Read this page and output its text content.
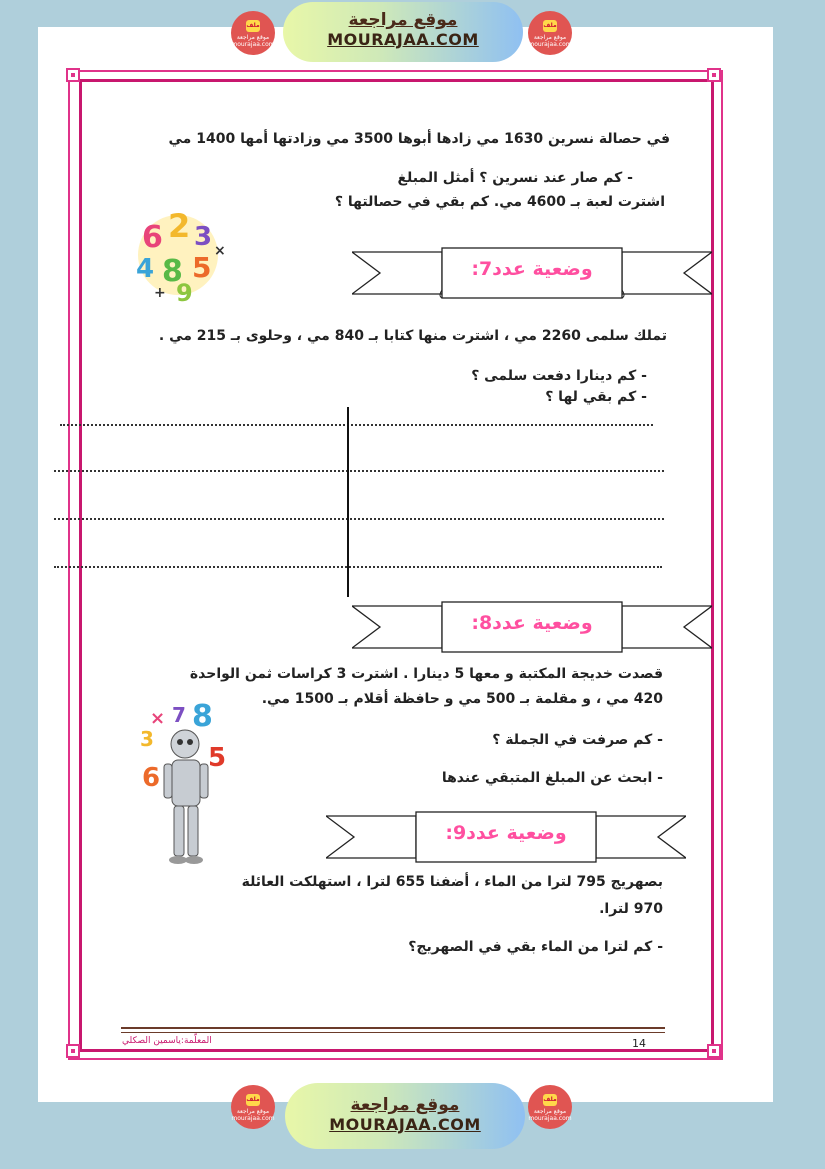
ملف
موقع مراجعة mourajaa.com
موقع مراجعة
MOURAJAA.COM
ملف
موقع مراجعة mourajaa.com
في حصالة نسرين 1630 مي زادها أبوها 3500 مي وزادتها أمها 1400 مي
- كم صار عند نسرين ؟ أمثل المبلغ
اشترت لعبة بـ 4600 مي. كم بقي في حصالتها ؟
6 2 3
4 8 5
9
×
+
وضعية عدد7:
تملك سلمى 2260 مي ، اشترت منها كتابا بـ 840 مي ، وحلوى بـ 215 مي .
- كم دينارا دفعت سلمى ؟
- كم بقي لها ؟
وضعية عدد8:
قصدت خديجة المكتبة و معها 5 دينارا . اشترت 3 كراسات ثمن الواحدة
420 مي ، و مقلمة بـ 500 مي و حافظة أقلام بـ 1500 مي.
- كم صرفت في الجملة ؟
- ابحث عن المبلغ المتبقي عندها
8
7
×
3
5
6
وضعية عدد9:
بصهريج 795 لترا من الماء ، أضفنا 655 لترا ، استهلكت العائلة
970 لترا.
- كم لترا من الماء بقي في الصهريج؟
المعلّمة:ياسمين الصكلي	14
ملف
موقع مراجعة mourajaa.com
موقع مراجعة
MOURAJAA.COM
ملف
موقع مراجعة mourajaa.com
